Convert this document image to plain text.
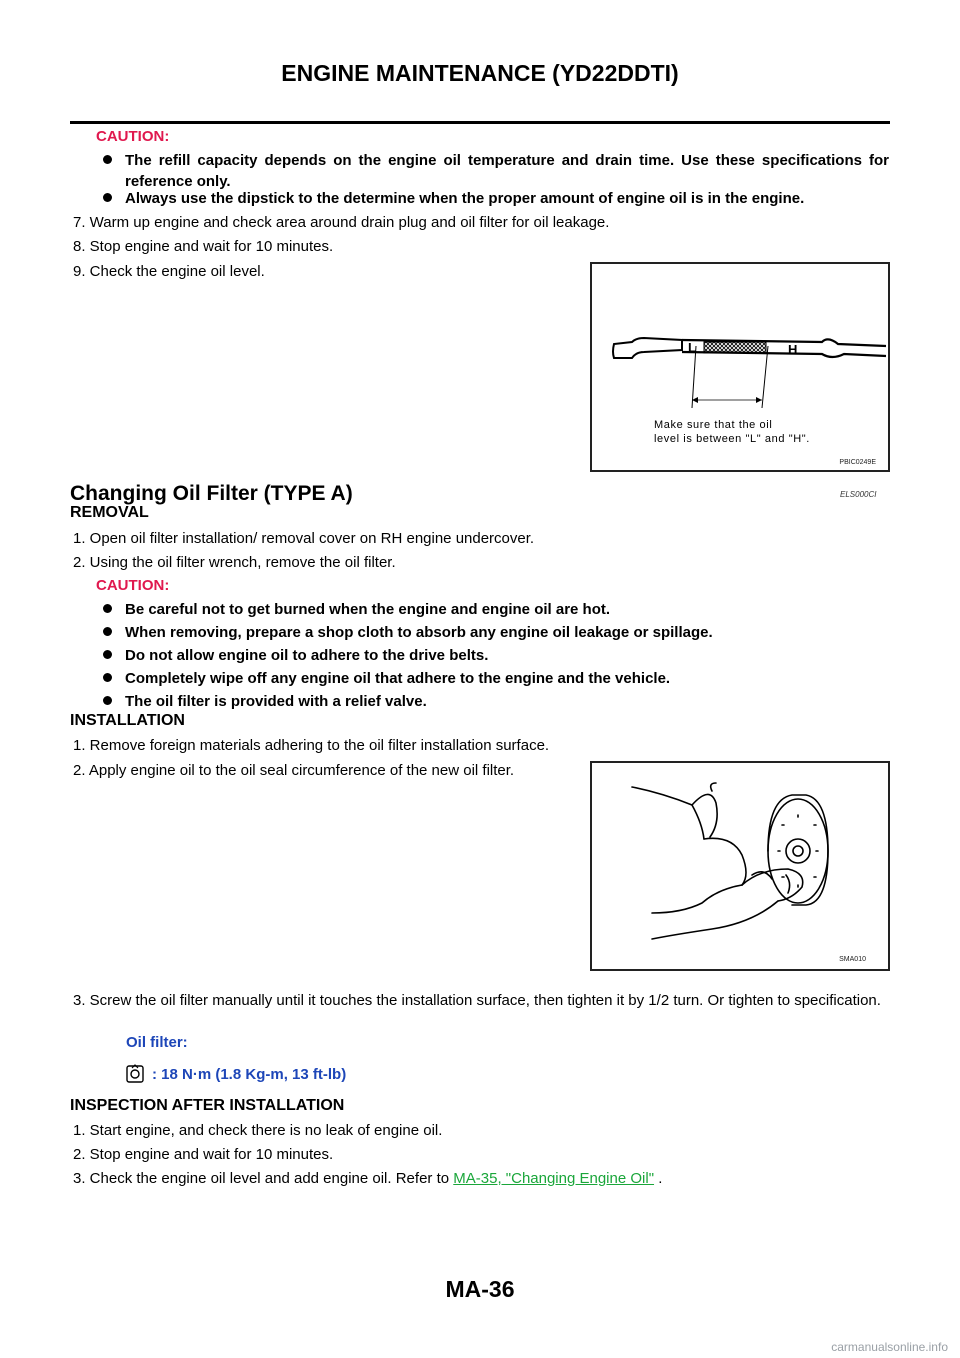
ENGINE MAINTENANCE (YD22DDTI)
CAUTION:
The refill capacity depends on the engine oil temperature and drain time. Use these specifications for reference only.
Always use the dipstick to the determine when the proper amount of engine oil is in the engine.
7. Warm up engine and check area around drain plug and oil filter for oil leakage.
8. Stop engine and wait for 10 minutes.
9. Check the engine oil level.
L	H
Make sure that the oil
level is between "L" and "H".
PBIC0249E
Changing Oil Filter (TYPE A)	ELS000CI
REMOVAL
1. Open oil filter installation/ removal cover on RH engine undercover.
2. Using the oil filter wrench, remove the oil filter.
CAUTION:
Be careful not to get burned when the engine and engine oil are hot.
When removing, prepare a shop cloth to absorb any engine oil leakage or spillage.
Do not allow engine oil to adhere to the drive belts.
Completely wipe off any engine oil that adhere to the engine and the vehicle.
The oil filter is provided with a relief valve.
INSTALLATION
1. Remove foreign materials adhering to the oil filter installation surface.
2. Apply engine oil to the oil seal circumference of the new oil filter.
SMA010
3. Screw the oil filter manually until it touches the installation surface, then tighten it by 1/2 turn. Or tighten to specification.
Oil filter:
: 18 N·m (1.8 Kg-m, 13 ft-lb)
INSPECTION AFTER INSTALLATION
1. Start engine, and check there is no leak of engine oil.
2. Stop engine and wait for 10 minutes.
3. Check the engine oil level and add engine oil. Refer to MA-35, "Changing Engine Oil" .
MA-36
carmanualsonline.info
